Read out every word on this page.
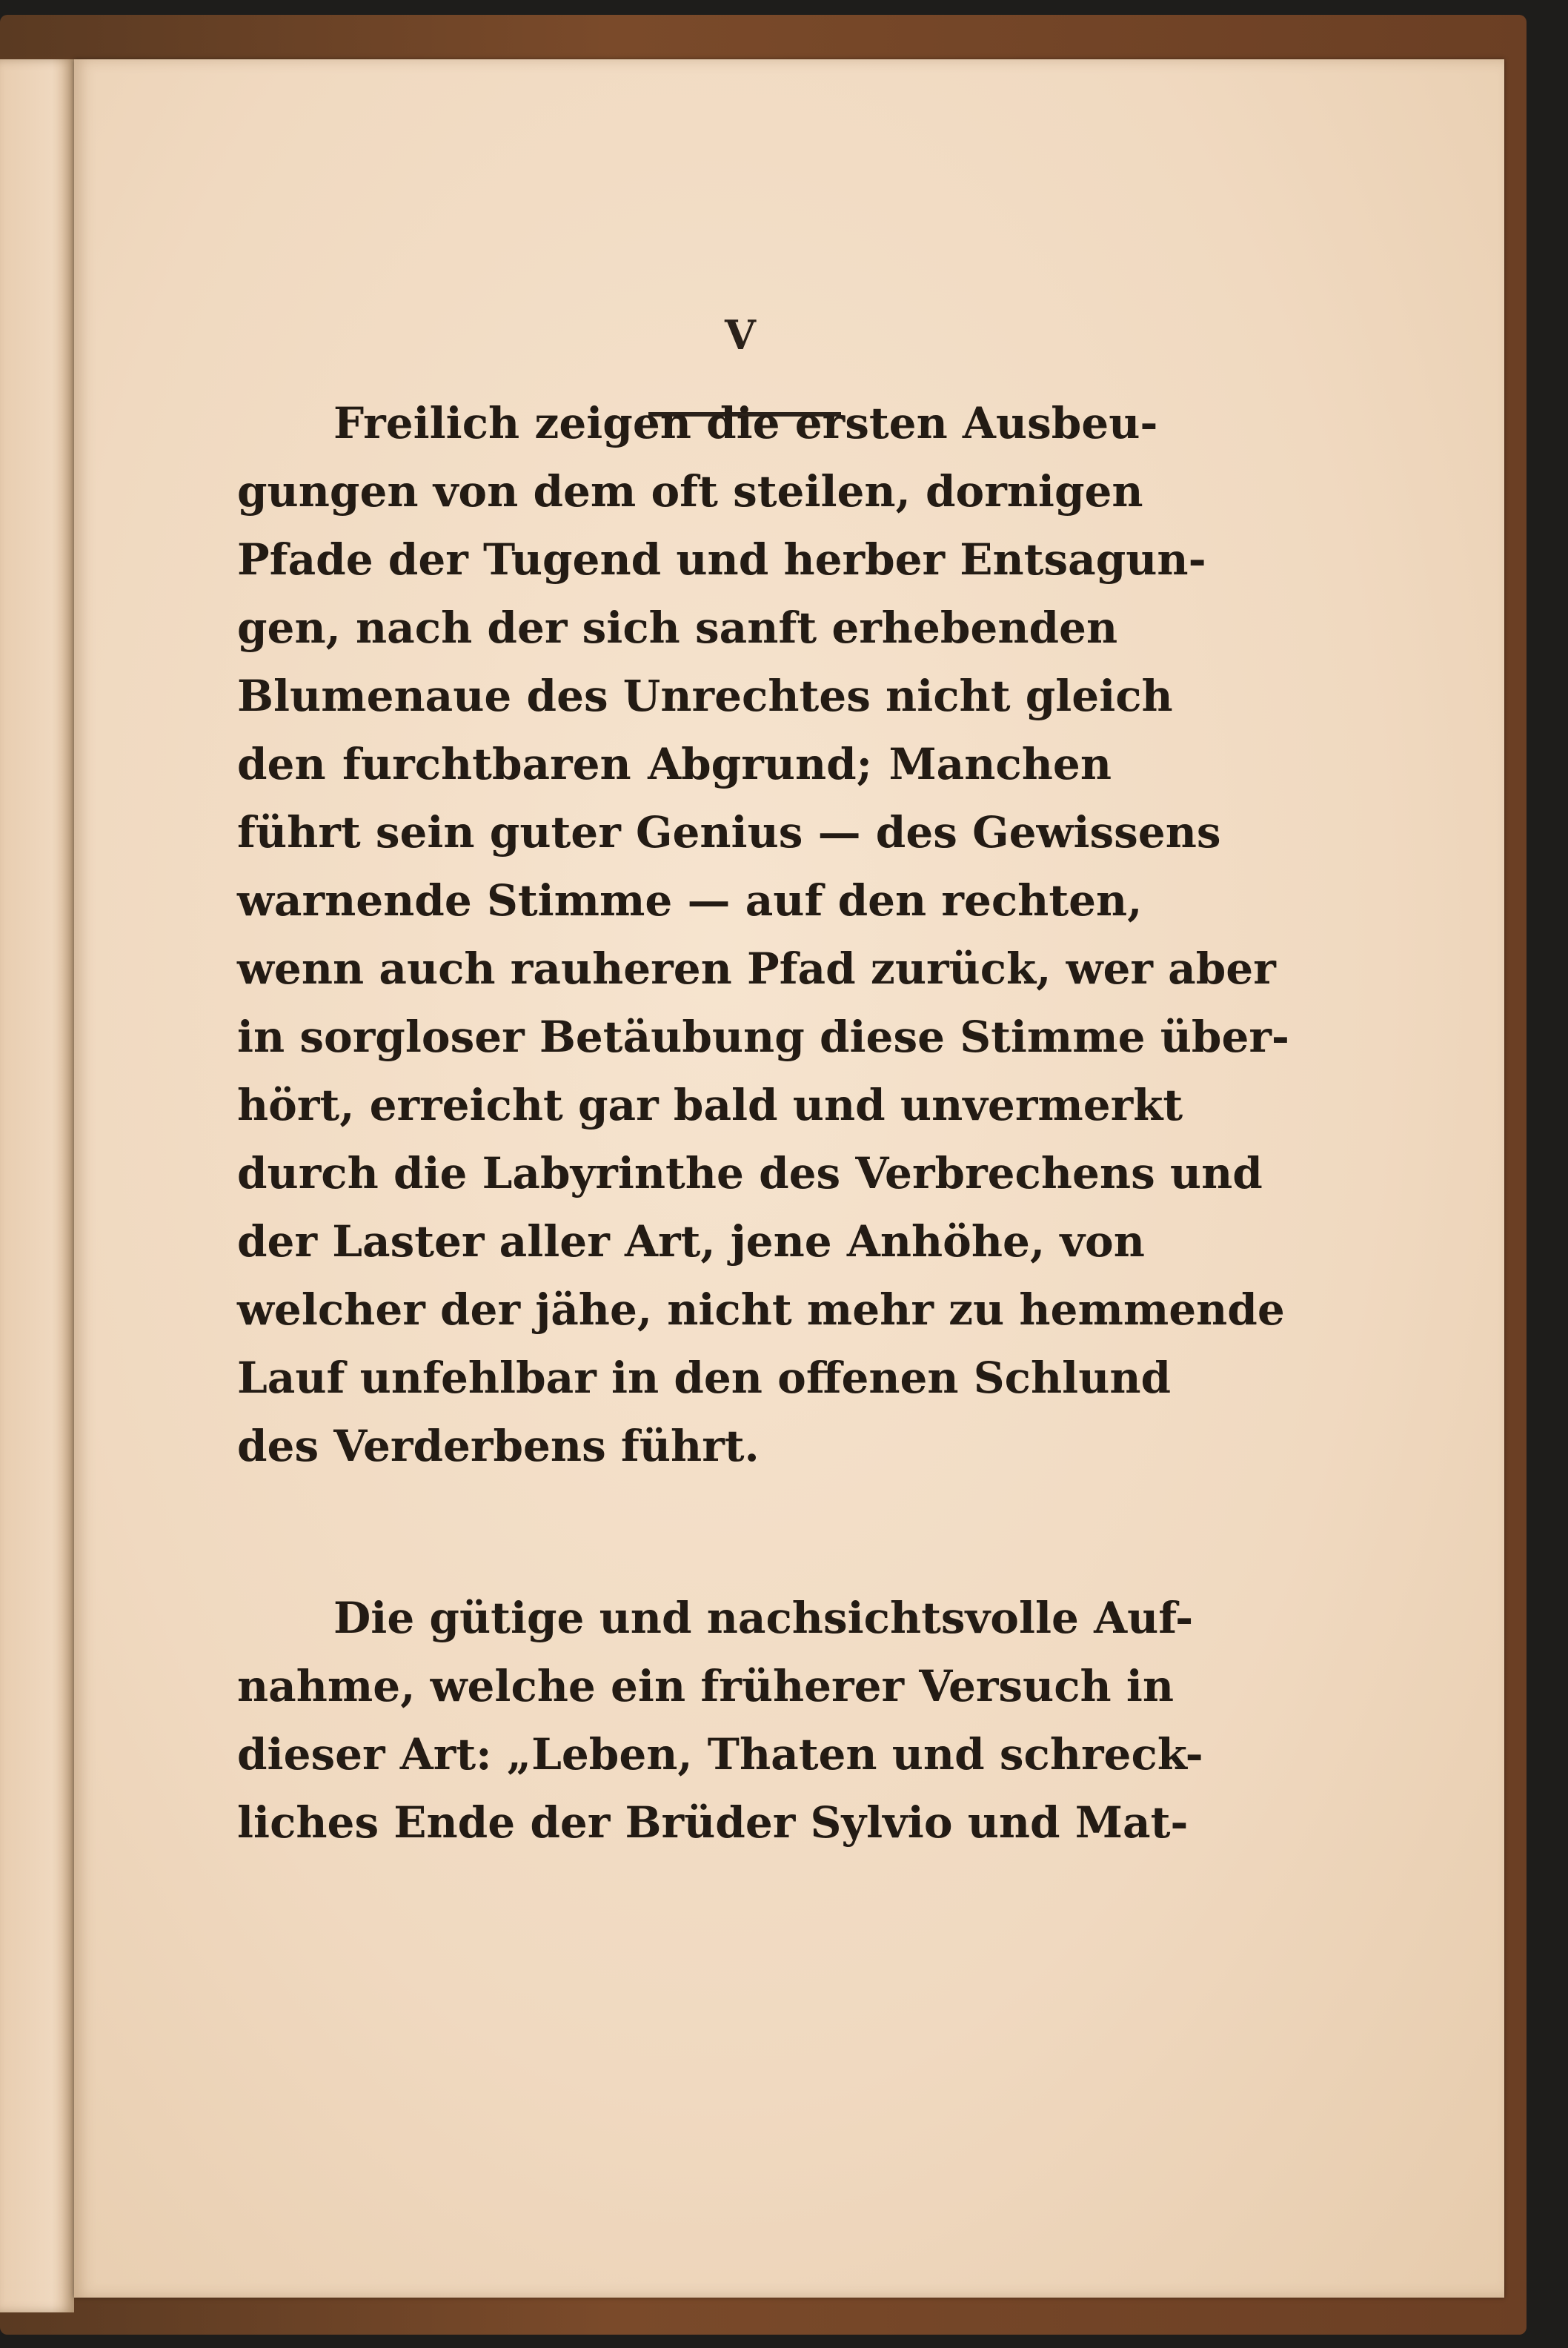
V
Freilich zeigen die ersten Ausbeu-
gungen von dem oft steilen, dornigen
Pfade der Tugend und herber Entsagun-
gen, nach der sich sanft erhebenden
Blumenaue des Unrechtes nicht gleich
den furchtbaren Abgrund; Manchen
führt sein guter Genius — des Gewissens
warnende Stimme — auf den rechten,
wenn auch rauheren Pfad zurück, wer aber
in sorgloser Betäubung diese Stimme über-
hört, erreicht gar bald und unvermerkt
durch die Labyrinthe des Verbrechens und
der Laster aller Art, jene Anhöhe, von
welcher der jähe, nicht mehr zu hemmende
Lauf unfehlbar in den offenen Schlund
des Verderbens führt.
Die gütige und nachsichtsvolle Auf-
nahme, welche ein früherer Versuch in
dieser Art: „Leben, Thaten und schreck-
liches Ende der Brüder Sylvio und Mat-
